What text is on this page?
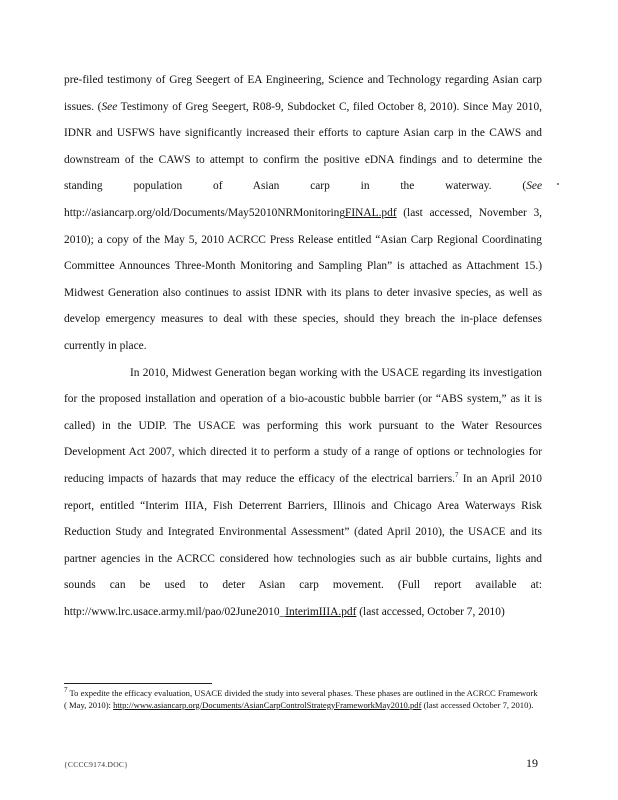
pre-filed testimony of Greg Seegert of EA Engineering, Science and Technology regarding Asian carp issues. (See Testimony of Greg Seegert, R08-9, Subdocket C, filed October 8, 2010). Since May 2010, IDNR and USFWS have significantly increased their efforts to capture Asian carp in the CAWS and downstream of the CAWS to attempt to confirm the positive eDNA findings and to determine the standing population of Asian carp in the waterway. (See http://asiancarp.org/old/Documents/May52010NRMonitoringFINAL.pdf (last accessed, November 3, 2010); a copy of the May 5, 2010 ACRCC Press Release entitled “Asian Carp Regional Coordinating Committee Announces Three-Month Monitoring and Sampling Plan” is attached as Attachment 15.) Midwest Generation also continues to assist IDNR with its plans to deter invasive species, as well as develop emergency measures to deal with these species, should they breach the in-place defenses currently in place.

In 2010, Midwest Generation began working with the USACE regarding its investigation for the proposed installation and operation of a bio-acoustic bubble barrier (or “ABS system,” as it is called) in the UDIP. The USACE was performing this work pursuant to the Water Resources Development Act 2007, which directed it to perform a study of a range of options or technologies for reducing impacts of hazards that may reduce the efficacy of the electrical barriers.$^7$ In an April 2010 report, entitled “Interim IIIA, Fish Deterrent Barriers, Illinois and Chicago Area Waterways Risk Reduction Study and Integrated Environmental Assessment” (dated April 2010), the USACE and its partner agencies in the ACRCC considered how technologies such as air bubble curtains, lights and sounds can be used to deter Asian carp movement. (Full report available at: http://www.lrc.usace.army.mil/pao/02June2010_InterimIIIA.pdf (last accessed, October 7, 2010)

$^7$ To expedite the efficacy evaluation, USACE divided the study into several phases. These phases are outlined in the ACRCC Framework ( May, 2010): http://www.asiancarp.org/Documents/AsianCarpControlStrategyFrameworkMay2010.pdf (last accessed October 7, 2010).

{CCCC9174.DOC}	19
